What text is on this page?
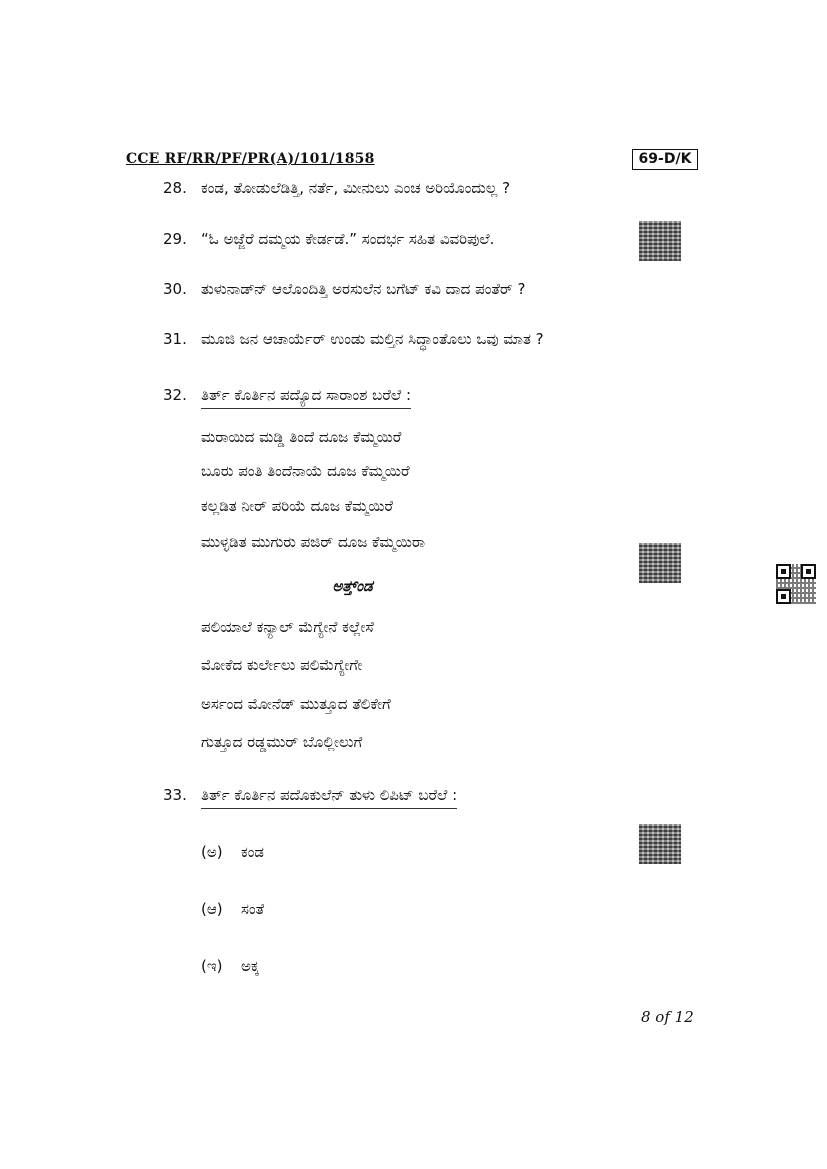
CCE RF/RR/PF/PR(A)/101/1858	69-D/K
28. ಕಂಡ, ತೋಡುಲೆಡಿತ್ತಿ, ನರ್ತೆ, ಮೀನುಲು ಎಂಚ ಅರಿಯೊಂದುಲ್ಲ ?
29. “ಓ ಅಜ್ಜೆರೆ ದಮ್ಮಯ ಕೇರ್ಡಡೆ.” ಸಂದರ್ಭ ಸಹಿತ ವಿವರಿಪುಲೆ.
30. ತುಳುನಾಡ್‍ನ್ ಆಲೊಂದಿತ್ತಿ ಅರಸುಲೆನ ಬಗೆಟ್ ಕವಿ ದಾದ ಪಂತೆರ್ ?
31. ಮೂಜಿ ಜನ ಆಚಾರ್ಯೆರ್ ಉಂಡು ಮಲ್ತಿನ ಸಿದ್ಧಾಂತೊಲು ಒವು ಮಾತ ?
32. ತಿರ್ತ್ ಕೊರ್ತಿನ ಪದ್ಯೊದ ಸಾರಾಂಶ ಬರೆಲೆ :
ಮರಾಯಿದ ಮಡ್ಡಿ ತಿಂದೆ ದೂಜ ಕೆಮ್ಮಯಿರೆ
ಬೂರು ಪಂತಿ ತಿಂದೆನಾಯೆ ದೂಜ ಕೆಮ್ಮಯಿರೆ
ಕಲ್ಲಡಿತ ನೀರ್ ಪರಿಯೆ ದೂಜ ಕೆಮ್ಮಯಿರೆ
ಮುಳ್ಳಡಿತ ಮುಗುರು ಪಜಿರ್ ದೂಜ ಕೆಮ್ಮಯಿರಾ
ಅತ್ತ್‌ಂಡ
ಪಲಿಯಾಲೆ ಕನ್ಯಾಲ್ ಮೆಗ್ಯೇನೆ ಕಲ್ಲೇಸೆ
ಮೋಕೆದ ಕುರ್ಲೇಲು ಪಲಿಮೆಗ್ಯೇಗೇ
ಅರ್ಸಂದ ಮೋನೆಡ್ ಮುತ್ತೂದ ತೆಲಿಕೇಗೆ
ಗುತ್ತೂದ ರಡ್ಡಮುರ್ ಬೊಲ್ಲೀಲುಗೆ
33. ತಿರ್ತ್ ಕೊರ್ತಿನ ಪದೊಕುಲೆನ್ ತುಳು ಲಿಪಿಟ್ ಬರೆಲೆ :
(ಅ) ಕಂಡ
(ಆ) ಸಂತೆ
(ಇ) ಅಕ್ಕ
8 of 12
